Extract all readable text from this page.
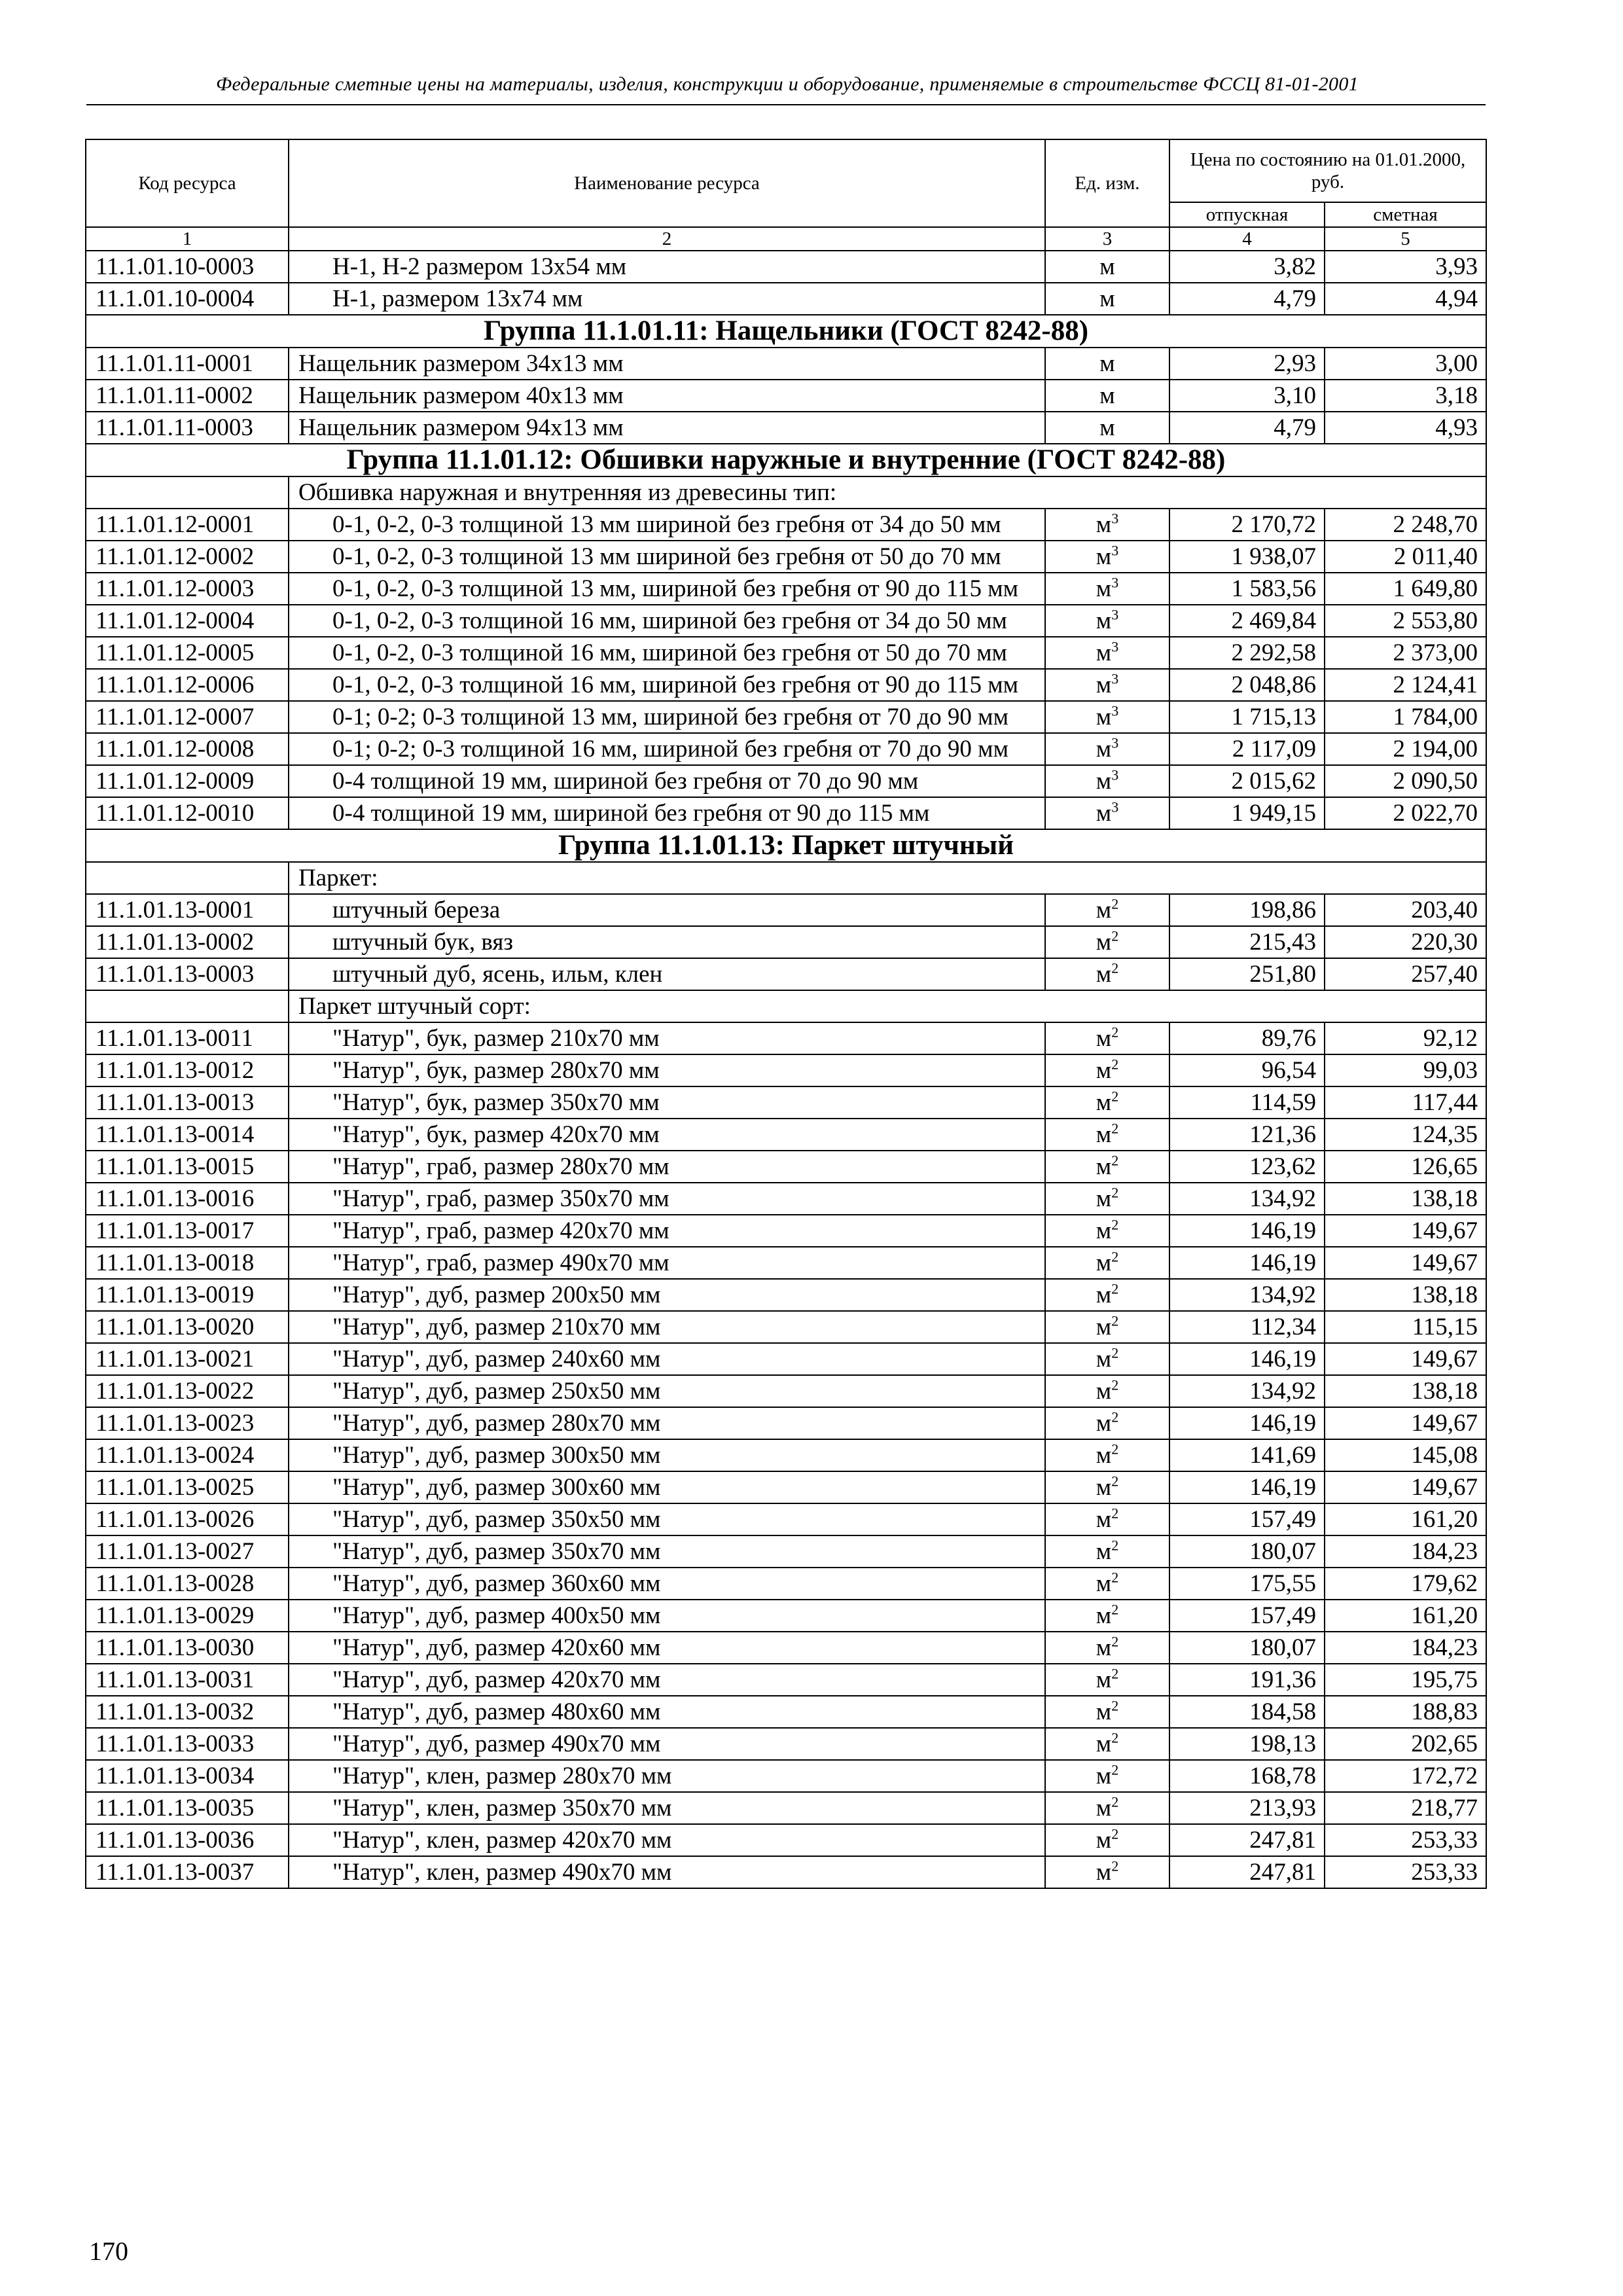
Федеральные сметные цены на материалы, изделия, конструкции и оборудование, применяемые в строительстве ФССЦ 81-01-2001
Код ресурса	Наименование ресурса	Ед. изм.	Цена по состоянию на 01.01.2000, руб.	
			отпускная	сметная
1	2	3	4	5
11.1.01.10-0003	Н-1, Н-2 размером 13х54 мм	м	3,82	3,93
11.1.01.10-0004	Н-1, размером 13х74 мм	м	4,79	4,94
Группа 11.1.01.11: Нащельники (ГОСТ 8242-88)				
11.1.01.11-0001	Нащельник размером 34х13 мм	м	2,93	3,00
11.1.01.11-0002	Нащельник размером 40х13 мм	м	3,10	3,18
11.1.01.11-0003	Нащельник размером 94х13 мм	м	4,79	4,93
Группа 11.1.01.12: Обшивки наружные и внутренние (ГОСТ 8242-88)				
	Обшивка наружная и внутренняя из древесины тип:			
11.1.01.12-0001	0-1, 0-2, 0-3 толщиной 13 мм шириной без гребня от 34 до 50 мм	$м^3$	2 170,72	2 248,70
11.1.01.12-0002	0-1, 0-2, 0-3 толщиной 13 мм шириной без гребня от 50 до 70 мм	$м^3$	1 938,07	2 011,40
11.1.01.12-0003	0-1, 0-2, 0-3 толщиной 13 мм, шириной без гребня от 90 до 115 мм	$м^3$	1 583,56	1 649,80
11.1.01.12-0004	0-1, 0-2, 0-3 толщиной 16 мм, шириной без гребня от 34 до 50 мм	$м^3$	2 469,84	2 553,80
11.1.01.12-0005	0-1, 0-2, 0-3 толщиной 16 мм, шириной без гребня от 50 до 70 мм	$м^3$	2 292,58	2 373,00
11.1.01.12-0006	0-1, 0-2, 0-3 толщиной 16 мм, шириной без гребня от 90 до 115 мм	$м^3$	2 048,86	2 124,41
11.1.01.12-0007	0-1; 0-2; 0-3 толщиной 13 мм, шириной без гребня от 70 до 90 мм	$м^3$	1 715,13	1 784,00
11.1.01.12-0008	0-1; 0-2; 0-3 толщиной 16 мм, шириной без гребня от 70 до 90 мм	$м^3$	2 117,09	2 194,00
11.1.01.12-0009	0-4 толщиной 19 мм, шириной без гребня от 70 до 90 мм	$м^3$	2 015,62	2 090,50
11.1.01.12-0010	0-4 толщиной 19 мм, шириной без гребня от 90 до 115 мм	$м^3$	1 949,15	2 022,70
Группа 11.1.01.13: Паркет штучный				
	Паркет:			
11.1.01.13-0001	штучный береза	$м^2$	198,86	203,40
11.1.01.13-0002	штучный бук, вяз	$м^2$	215,43	220,30
11.1.01.13-0003	штучный дуб, ясень, ильм, клен	$м^2$	251,80	257,40
	Паркет штучный сорт:			
11.1.01.13-0011	"Натур", бук, размер 210х70 мм	$м^2$	89,76	92,12
11.1.01.13-0012	"Натур", бук, размер 280х70 мм	$м^2$	96,54	99,03
11.1.01.13-0013	"Натур", бук, размер 350х70 мм	$м^2$	114,59	117,44
11.1.01.13-0014	"Натур", бук, размер 420х70 мм	$м^2$	121,36	124,35
11.1.01.13-0015	"Натур", граб, размер 280х70 мм	$м^2$	123,62	126,65
11.1.01.13-0016	"Натур", граб, размер 350х70 мм	$м^2$	134,92	138,18
11.1.01.13-0017	"Натур", граб, размер 420х70 мм	$м^2$	146,19	149,67
11.1.01.13-0018	"Натур", граб, размер 490х70 мм	$м^2$	146,19	149,67
11.1.01.13-0019	"Натур", дуб, размер 200х50 мм	$м^2$	134,92	138,18
11.1.01.13-0020	"Натур", дуб, размер 210х70 мм	$м^2$	112,34	115,15
11.1.01.13-0021	"Натур", дуб, размер 240х60 мм	$м^2$	146,19	149,67
11.1.01.13-0022	"Натур", дуб, размер 250х50 мм	$м^2$	134,92	138,18
11.1.01.13-0023	"Натур", дуб, размер 280х70 мм	$м^2$	146,19	149,67
11.1.01.13-0024	"Натур", дуб, размер 300х50 мм	$м^2$	141,69	145,08
11.1.01.13-0025	"Натур", дуб, размер 300х60 мм	$м^2$	146,19	149,67
11.1.01.13-0026	"Натур", дуб, размер 350х50 мм	$м^2$	157,49	161,20
11.1.01.13-0027	"Натур", дуб, размер 350х70 мм	$м^2$	180,07	184,23
11.1.01.13-0028	"Натур", дуб, размер 360х60 мм	$м^2$	175,55	179,62
11.1.01.13-0029	"Натур", дуб, размер 400х50 мм	$м^2$	157,49	161,20
11.1.01.13-0030	"Натур", дуб, размер 420х60 мм	$м^2$	180,07	184,23
11.1.01.13-0031	"Натур", дуб, размер 420х70 мм	$м^2$	191,36	195,75
11.1.01.13-0032	"Натур", дуб, размер 480х60 мм	$м^2$	184,58	188,83
11.1.01.13-0033	"Натур", дуб, размер 490х70 мм	$м^2$	198,13	202,65
11.1.01.13-0034	"Натур", клен, размер 280х70 мм	$м^2$	168,78	172,72
11.1.01.13-0035	"Натур", клен, размер 350х70 мм	$м^2$	213,93	218,77
11.1.01.13-0036	"Натур", клен, размер 420х70 мм	$м^2$	247,81	253,33
11.1.01.13-0037	"Натур", клен, размер 490х70 мм	$м^2$	247,81	253,33
170
